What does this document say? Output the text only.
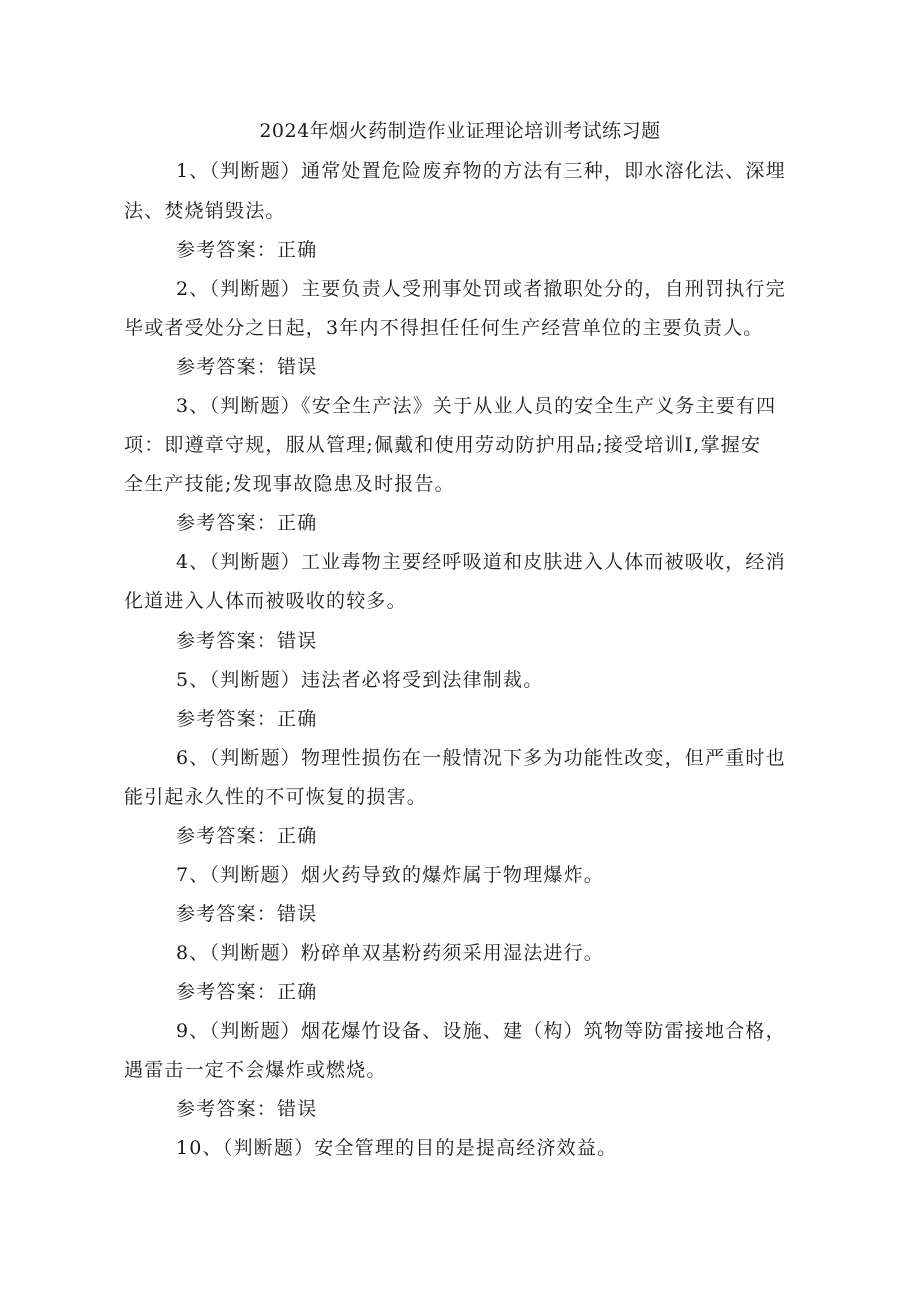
2024年烟火药制造作业证理论培训考试练习题
1、（判断题）通常处置危险废弃物的方法有三种，即水溶化法、深埋
法、焚烧销毁法。
参考答案：正确
2、（判断题）主要负责人受刑事处罚或者撤职处分的，自刑罚执行完
毕或者受处分之日起，3年内不得担任任何生产经营单位的主要负责人。
参考答案：错误
3、（判断题）《安全生产法》关于从业人员的安全生产义务主要有四
项：即遵章守规，服从管理;佩戴和使用劳动防护用品;接受培训I,掌握安
全生产技能;发现事故隐患及时报告。
参考答案：正确
4、（判断题）工业毒物主要经呼吸道和皮肤进入人体而被吸收，经消
化道进入人体而被吸收的较多。
参考答案：错误
5、（判断题）违法者必将受到法律制裁。
参考答案：正确
6、（判断题）物理性损伤在一般情况下多为功能性改变，但严重时也
能引起永久性的不可恢复的损害。
参考答案：正确
7、（判断题）烟火药导致的爆炸属于物理爆炸。
参考答案：错误
8、（判断题）粉碎单双基粉药须采用湿法进行。
参考答案：正确
9、（判断题）烟花爆竹设备、设施、建（构）筑物等防雷接地合格，
遇雷击一定不会爆炸或燃烧。
参考答案：错误
10、（判断题）安全管理的目的是提高经济效益。
